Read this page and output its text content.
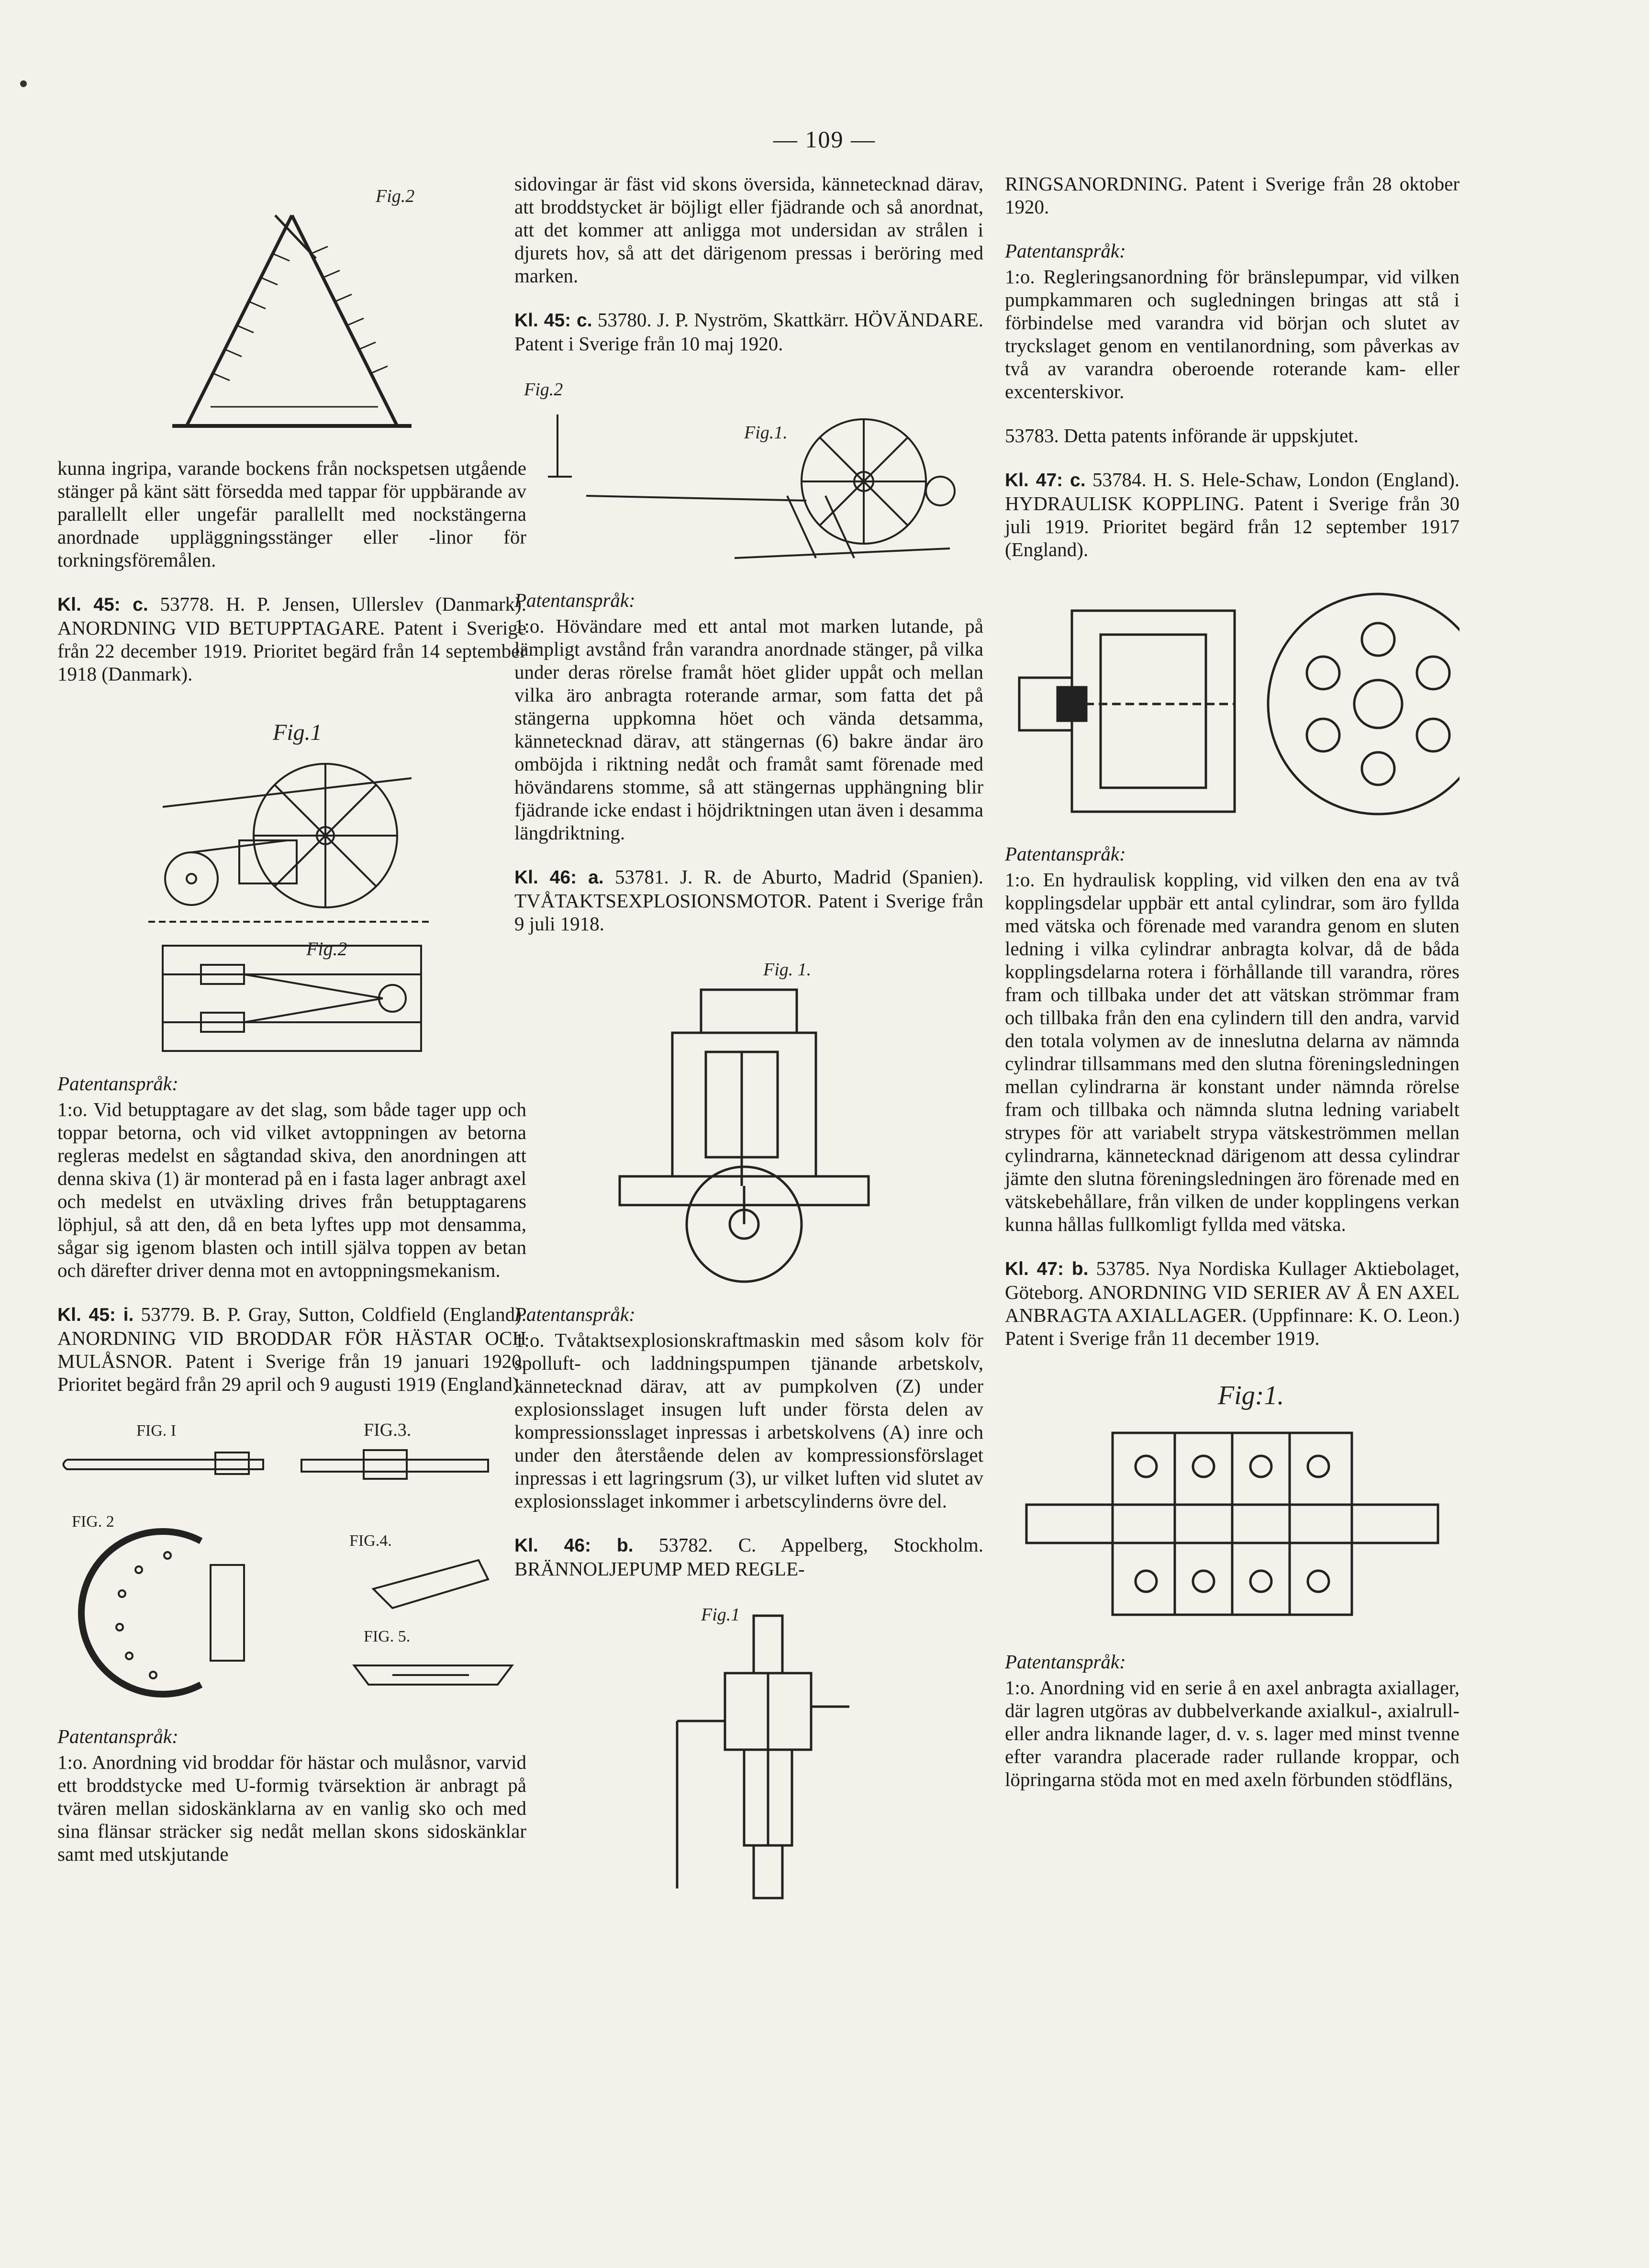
— 109 —
Fig.2

kunna ingripa, varande bockens från nockspetsen utgående stänger på känt sätt försedda med tappar för uppbärande av parallellt eller ungefär parallellt med nockstängerna anordnade uppläggningsstänger eller -linor för torkningsföremålen.

Kl. 45: c. 53778. H. P. Jensen, Ullerslev (Danmark). ANORDNING VID BETUPPTAGARE. Patent i Sverige från 22 december 1919. Prioritet begärd från 14 september 1918 (Danmark).

Fig.1
Fig.2

Patentanspråk:

1:o. Vid betupptagare av det slag, som både tager upp och toppar betorna, och vid vilket avtoppningen av betorna regleras medelst en sågtandad skiva, den anordningen att denna skiva (1) är monterad på en i fasta lager anbragt axel och medelst en utväxling drives från betupptagarens löphjul, så att den, då en beta lyftes upp mot densamma, sågar sig igenom blasten och intill själva toppen av betan och därefter driver denna mot en avtoppningsmekanism.

Kl. 45: i. 53779. B. P. Gray, Sutton, Coldfield (England). ANORDNING VID BRODDAR FÖR HÄSTAR OCH MULÅSNOR. Patent i Sverige från 19 januari 1920. Prioritet begärd från 29 april och 9 augusti 1919 (England).

FIG. I	FIG.3.
FIG. 2
FIG.4.
FIG. 5.

Patentanspråk:

1:o. Anordning vid broddar för hästar och mulåsnor, varvid ett broddstycke med U-formig tvärsektion är anbragt på tvären mellan sidoskänklarna av en vanlig sko och med sina flänsar sträcker sig nedåt mellan skons sidoskänklar samt med utskjutande

sidovingar är fäst vid skons översida, kännetecknad därav, att broddstycket är böjligt eller fjädrande och så anordnat, att det kommer att anligga mot undersidan av strålen i djurets hov, så att det därigenom pressas i beröring med marken.

Kl. 45: c. 53780. J. P. Nyström, Skattkärr. HÖVÄNDARE. Patent i Sverige från 10 maj 1920.

Fig.2
Fig.1.

Patentanspråk:

1:o. Hövändare med ett antal mot marken lutande, på lämpligt avstånd från varandra anordnade stänger, på vilka under deras rörelse framåt höet glider uppåt och mellan vilka äro anbragta roterande armar, som fatta det på stängerna uppkomna höet och vända detsamma, kännetecknad därav, att stängernas (6) bakre ändar äro omböjda i riktning nedåt och framåt samt förenade med hövändarens stomme, så att stängernas upphängning blir fjädrande icke endast i höjdriktningen utan även i desamma längdriktning.

Kl. 46: a. 53781. J. R. de Aburto, Madrid (Spanien). TVÅTAKTSEXPLOSIONSMOTOR. Patent i Sverige från 9 juli 1918.

Fig. 1.

Patentanspråk:

1:o. Tvåtaktsexplosionskraftmaskin med såsom kolv för spolluft- och laddningspumpen tjänande arbetskolv, kännetecknad därav, att av pumpkolven (Z) under explosionsslaget insugen luft under första delen av kompressionsslaget inpressas i arbetskolvens (A) inre och under den återstående delen av kompressionsförslaget inpressas i ett lagringsrum (3), ur vilket luften vid slutet av explosionsslaget inkommer i arbetscylinderns övre del.

Kl. 46: b. 53782. C. Appelberg, Stockholm. BRÄNNOLJEPUMP MED REGLE-

Fig.1

RINGSANORDNING. Patent i Sverige från 28 oktober 1920.

Patentanspråk:

1:o. Regleringsanordning för bränslepumpar, vid vilken pumpkammaren och sugledningen bringas att stå i förbindelse med varandra vid början och slutet av tryckslaget genom en ventilanordning, som påverkas av två av varandra oberoende roterande kam- eller excenterskivor.

53783. Detta patents införande är uppskjutet.

Kl. 47: c. 53784. H. S. Hele-Schaw, London (England). HYDRAULISK KOPPLING. Patent i Sverige från 30 juli 1919. Prioritet begärd från 12 september 1917 (England).

Patentanspråk:

1:o. En hydraulisk koppling, vid vilken den ena av två kopplingsdelar uppbär ett antal cylindrar, som äro fyllda med vätska och förenade med varandra genom en sluten ledning i vilka cylindrar anbragta kolvar, då de båda kopplingsdelarna rotera i förhållande till varandra, röres fram och tillbaka under det att vätskan strömmar fram och tillbaka från den ena cylindern till den andra, varvid den totala volymen av de inneslutna delarna av nämnda cylindrar tillsammans med den slutna föreningsledningen mellan cylindrarna är konstant under nämnda rörelse fram och tillbaka och nämnda slutna ledning variabelt strypes för att variabelt strypa vätskeströmmen mellan cylindrarna, kännetecknad därigenom att dessa cylindrar jämte den slutna föreningsledningen äro förenade med en vätskebehållare, från vilken de under kopplingens verkan kunna hållas fullkomligt fyllda med vätska.

Kl. 47: b. 53785. Nya Nordiska Kullager Aktiebolaget, Göteborg. ANORDNING VID SERIER AV Å EN AXEL ANBRAGTA AXIALLAGER. (Uppfinnare: K. O. Leon.) Patent i Sverige från 11 december 1919.

Fig:1.

Patentanspråk:

1:o. Anordning vid en serie å en axel anbragta axiallager, där lagren utgöras av dubbelverkande axialkul-, axialrull- eller andra liknande lager, d. v. s. lager med minst tvenne efter varandra placerade rader rullande kroppar, och löpringarna stöda mot en med axeln förbunden stödfläns,
